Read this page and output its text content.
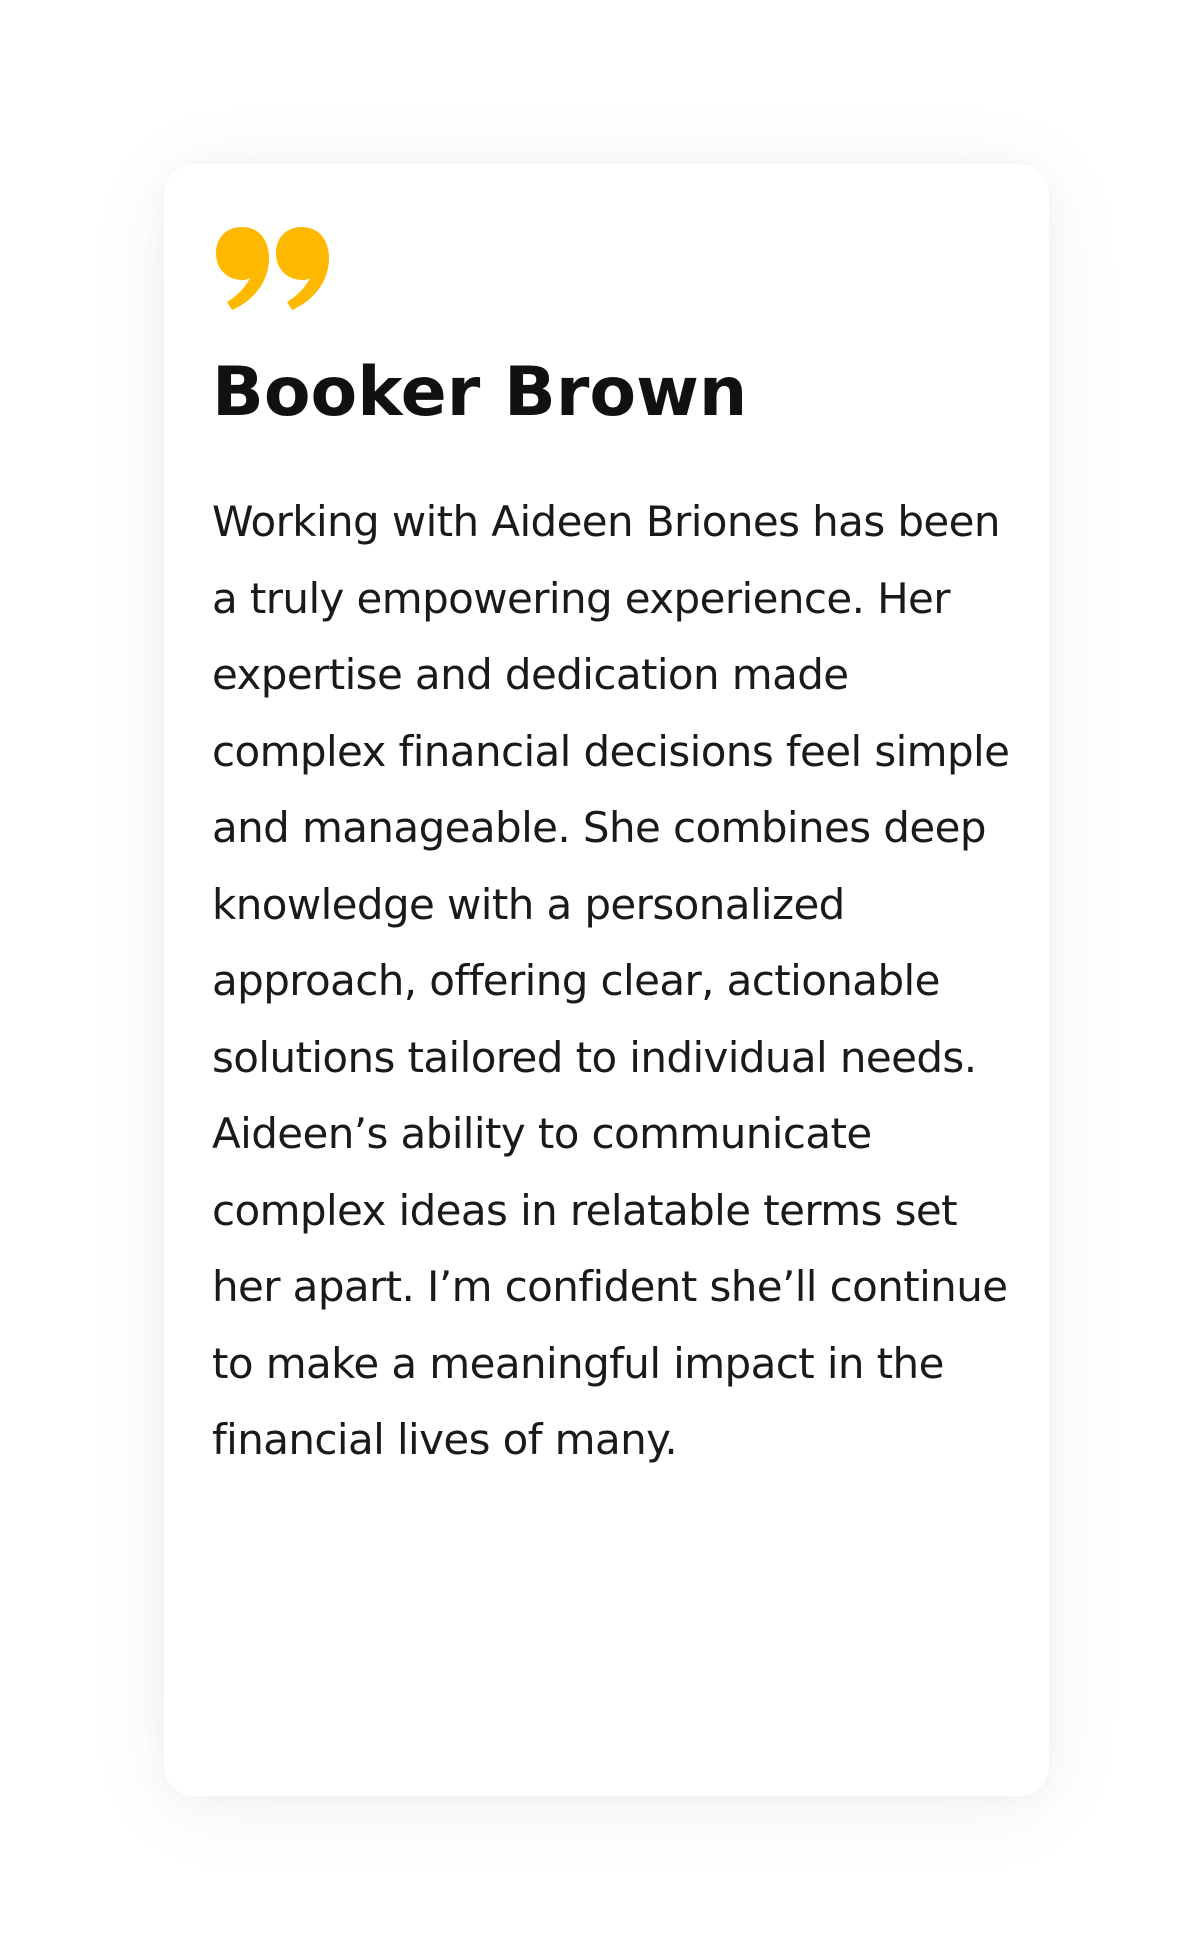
Booker Brown

Working with Aideen Briones has been a truly empowering experience. Her expertise and dedication made complex financial decisions feel simple and manageable. She combines deep knowledge with a personalized approach, offering clear, actionable solutions tailored to individual needs. Aideen’s ability to communicate complex ideas in relatable terms set her apart. I’m confident she’ll continue to make a meaningful impact in the financial lives of many.
